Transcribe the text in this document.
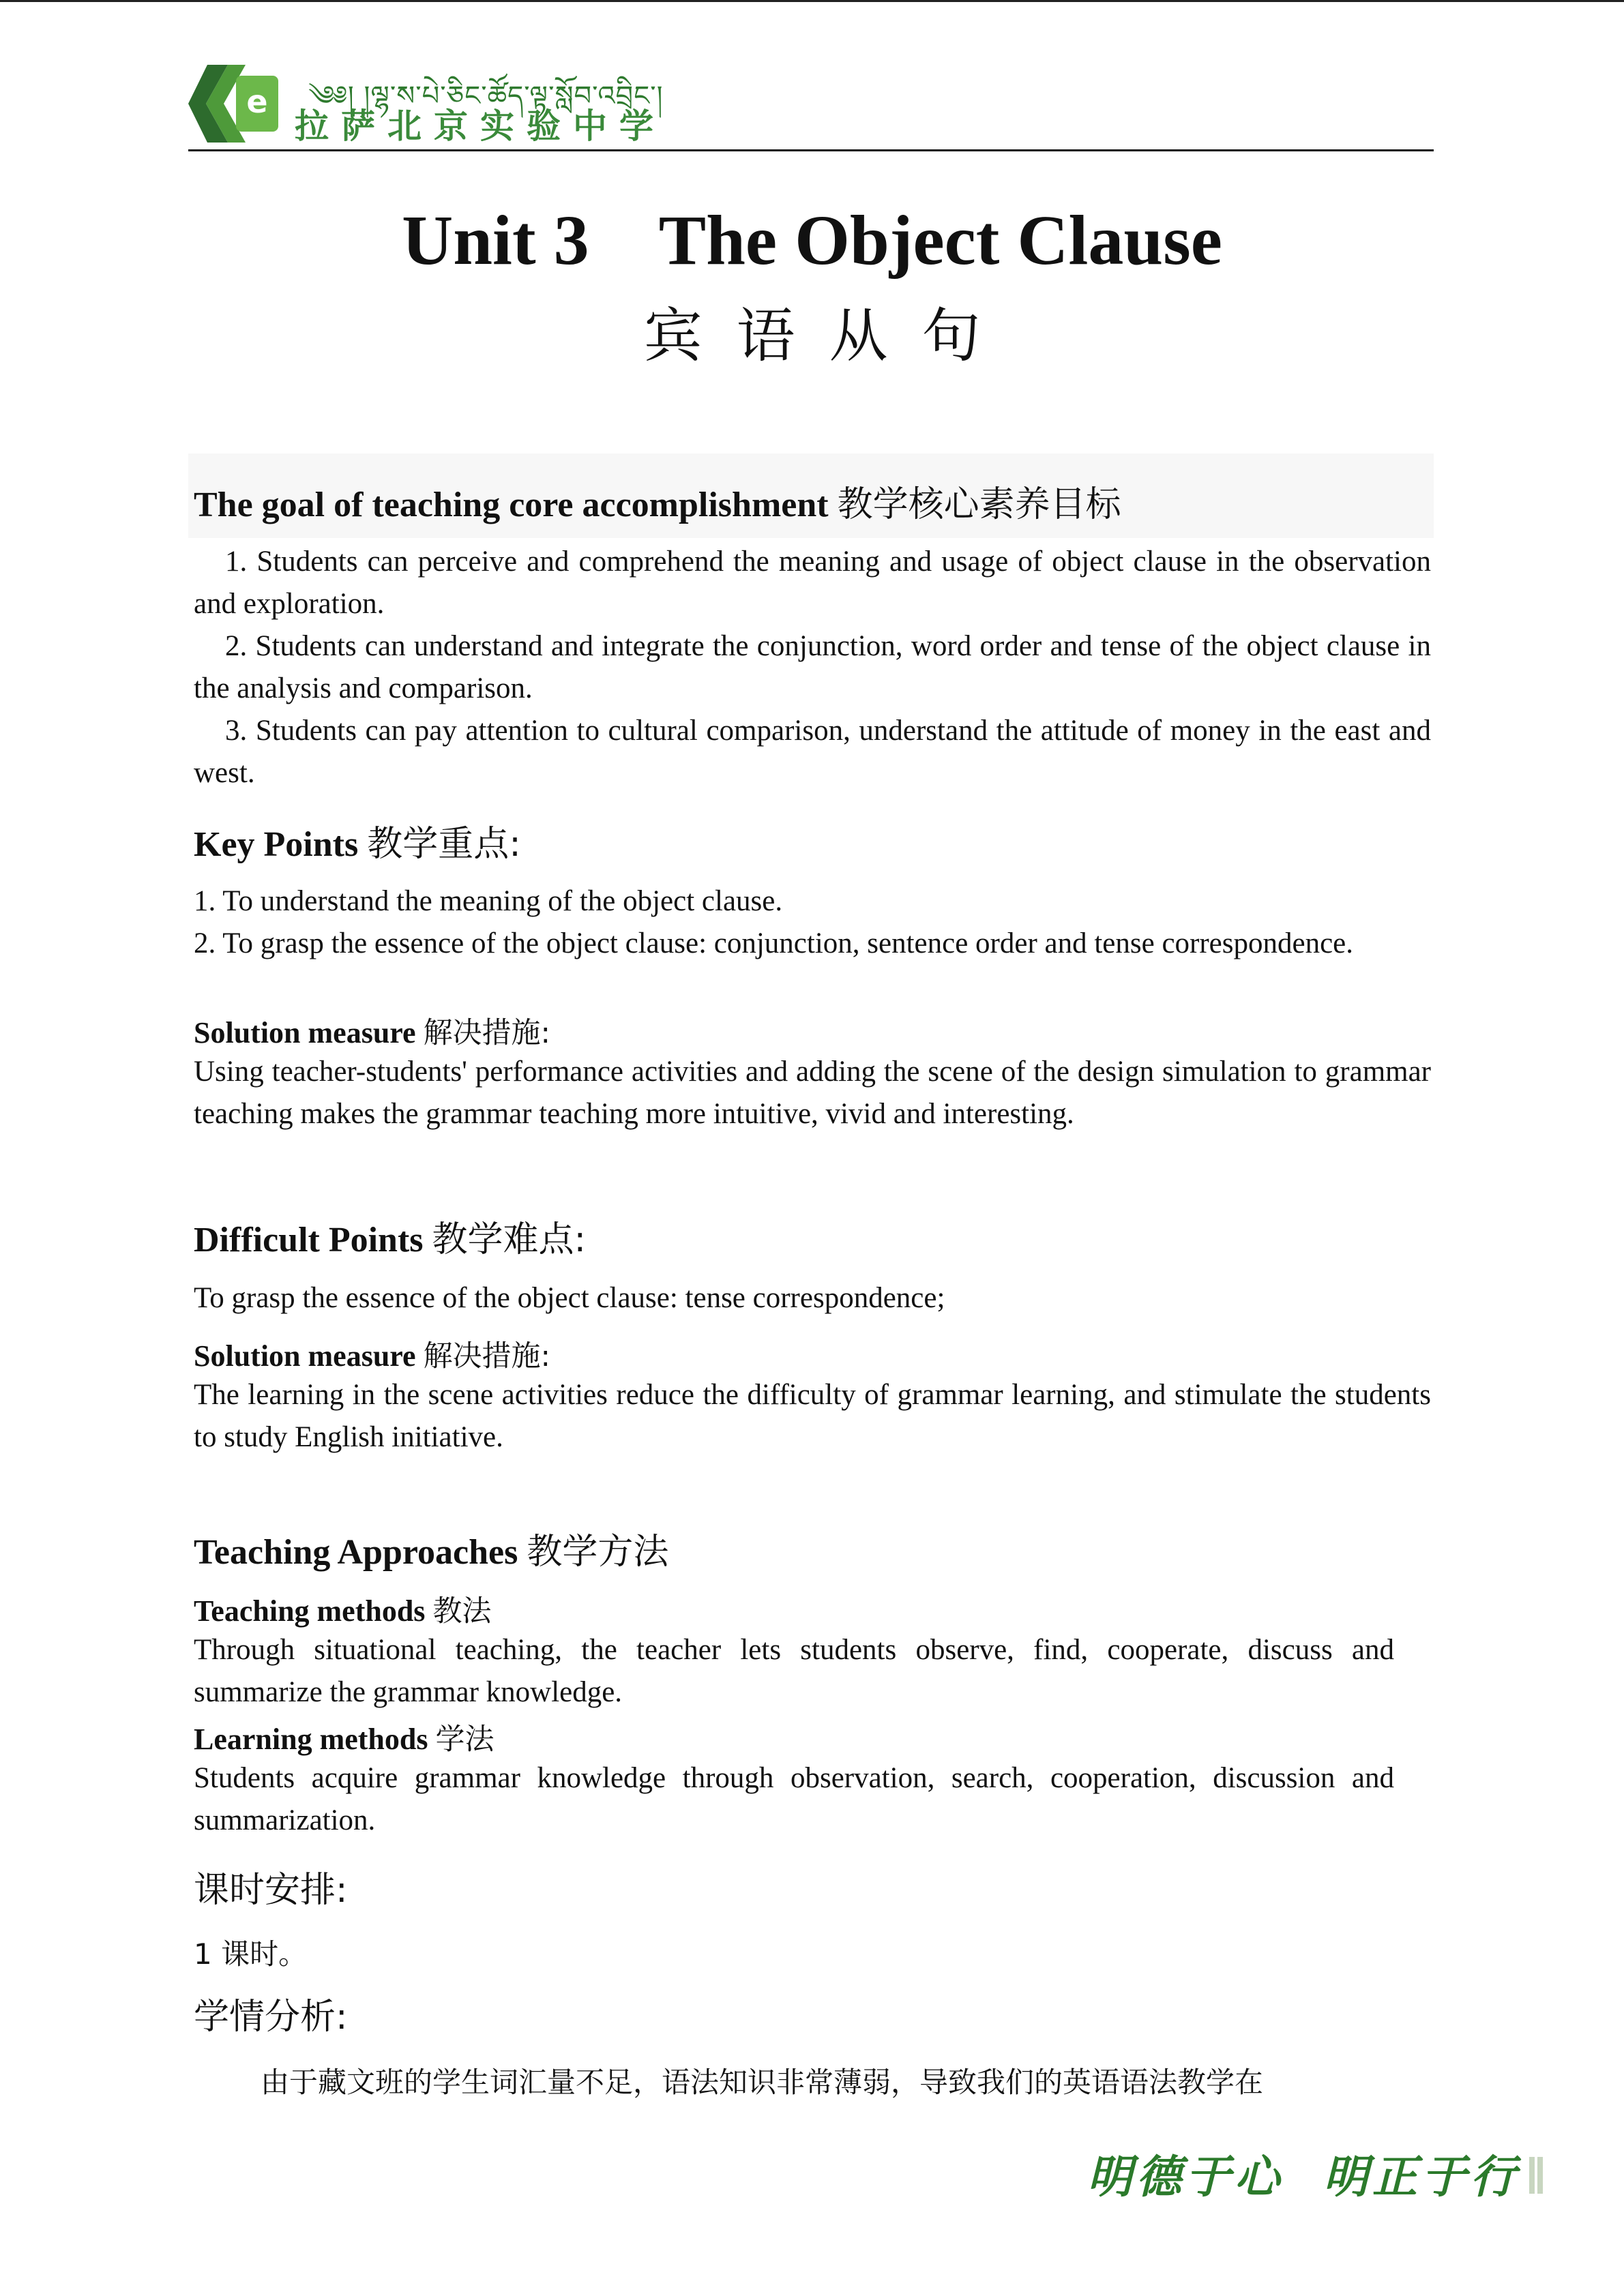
e ༄༅། །ལྷ་ས་པེ་ཅིང་ཚོད་ལྟ་སློབ་འབྲིང་།
拉萨北京实验中学
Unit 3    The Object Clause
宾语从句
The goal of teaching core accomplishment 教学核心素养目标
1. Students can perceive and comprehend the meaning and usage of object clause in the observation and exploration.
2. Students can understand and integrate the conjunction, word order and tense of the object clause in the analysis and comparison.
3. Students can pay attention to cultural comparison, understand the attitude of money in the east and west.
Key Points 教学重点:
1. To understand the meaning of the object clause.
2. To grasp the essence of the object clause: conjunction, sentence order and tense correspondence.
Solution measure 解决措施:
Using teacher-students' performance activities and adding the scene of the design simulation to grammar teaching makes the grammar teaching more intuitive, vivid and interesting.
Difficult Points 教学难点:
To grasp the essence of the object clause: tense correspondence;
Solution measure 解决措施:
The learning in the scene activities reduce the difficulty of grammar learning, and stimulate the students to study English initiative.
Teaching Approaches 教学方法
Teaching methods 教法
Through situational teaching, the teacher lets students observe, find, cooperate, discuss and summarize the grammar knowledge.
Learning methods 学法
Students acquire grammar knowledge through observation, search, cooperation, discussion and summarization.
课时安排:
1 课时。
学情分析:
由于藏文班的学生词汇量不足，语法知识非常薄弱，导致我们的英语语法教学在
明德于心  明正于行
